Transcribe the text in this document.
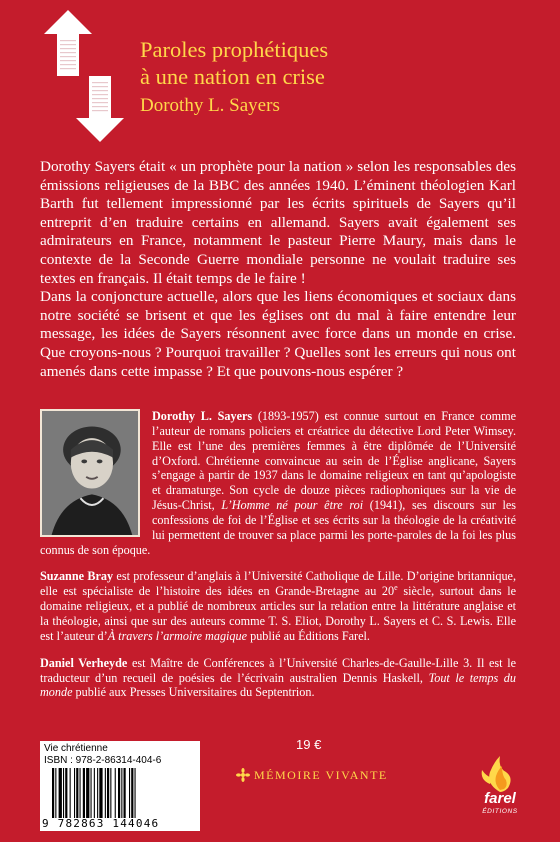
Paroles prophétiques
à une nation en crise

Dorothy L. Sayers

Dorothy Sayers était « un prophète pour la nation » selon les responsables des émissions religieuses de la BBC des années 1940. L’éminent théologien Karl Barth fut tellement impressionné par les écrits spirituels de Sayers qu’il entreprit d’en traduire certains en allemand. Sayers avait également ses admirateurs en France, notamment le pasteur Pierre Maury, mais dans le contexte de la Seconde Guerre mondiale personne ne voulait traduire ses textes en français. Il était temps de le faire !

Dans la conjoncture actuelle, alors que les liens économiques et sociaux dans notre société se brisent et que les églises ont du mal à faire entendre leur message, les idées de Sayers résonnent avec force dans un monde en crise. Que croyons-nous ? Pourquoi travailler ? Quelles sont les erreurs qui nous ont amenés dans cette impasse ? Et que pouvons-nous espérer ?

Dorothy L. Sayers (1893-1957) est connue surtout en France comme l’auteur de romans policiers et créatrice du détective Lord Peter Wimsey. Elle est l’une des premières femmes à être diplômée de l’Université d’Oxford. Chrétienne convaincue au sein de l’Église anglicane, Sayers s’engage à partir de 1937 dans le domaine religieux en tant qu’apologiste et dramaturge. Son cycle de douze pièces radiophoniques sur la vie de Jésus-Christ, L’Homme né pour être roi (1941), ses discours sur les confessions de foi de l’Église et ses écrits sur la théologie de la créativité lui permettent de trouver sa place parmi les porte-paroles de la foi les plus connus de son époque.

Suzanne Bray est professeur d’anglais à l’Université Catholique de Lille. D’origine britannique, elle est spécialiste de l’histoire des idées en Grande-Bretagne au 20e siècle, surtout dans le domaine religieux, et a publié de nombreux articles sur la relation entre la littérature anglaise et la théologie, ainsi que sur des auteurs comme T. S. Eliot, Dorothy L. Sayers et C. S. Lewis. Elle est l’auteur d’À travers l’armoire magique publié au Éditions Farel.

Daniel Verheyde est Maître de Conférences à l’Université Charles-de-Gaulle-Lille 3. Il est le traducteur d’un recueil de poésies de l’écrivain australien Dennis Haskell, Tout le temps du monde publié aux Presses Universitaires du Septentrion.

Vie chrétienne
ISBN : 978-2-86314-404-6
9 782863 144046
19 €
MÉMOIRE VIVANTE
farel
ÉDITIONS
